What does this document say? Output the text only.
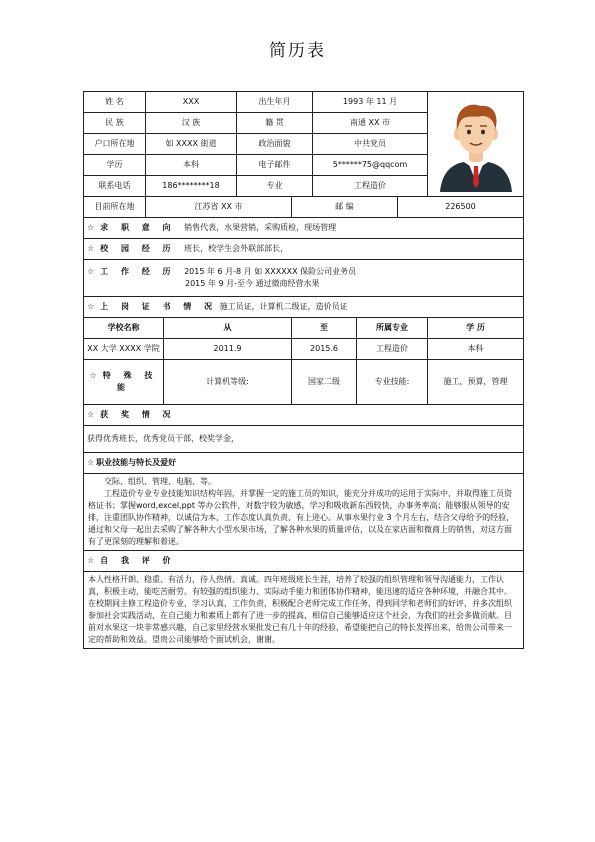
简历表
姓 名	XXX		出生年月		1993 年 11 月	
民 族	汉 族		籍 贯		南通 XX 市			
户口所在地	如 XXXX 街道		政治面貌		中共党员			
学历	本科		电子邮件		5******75@qqcom			
联系电话	186********18		专业		工程造价			
目前所在地	江苏省 XX 市			邮 编			226500	
☆ 求 职 意 向 销售代表，水果营销，采购质检，现场管理								
☆ 校 园 经 历 班长，校学生会外联部部长，								

☆ 工 作 经 历 2015 年 6 月-8 月 如 XXXXXX 保险公司业务员
2015 年 9 月-至今 通过微商经营水果								

☆ 上 岗 证 书 情 况 施工员证，计算机二级证，造价员证								
学校名称		从		至		所属专业		学 历
XX 大学 XXXX 学院		2011.9		2015.6		工程造价		本科
☆ 特 殊 技 能		计算机等级:		国家二级		专业技能:		施工，预算，管理
☆ 获 奖 情 况								
获得优秀班长，优秀党员干部，校奖学金，								
☆ 职业技能与特长及爱好								

交际、组织、管理、电脑、等。
工程造价专业专业技能知识结构年固，并掌握一定的施工员的知识，能充分并成功的运用于实际中，并取得施工员资格证书；掌握word,excel,ppt 等办公软件，对数字较为敏感，学习和吸收新东西较快，办事务率高；能够服从领导的安排，注重团队协作精神，以诚信为本，工作态度认真负责，有上进心。从事水果行业 3 个月左右，结合父母给予的经验，通过和父母一起出去采购了解各种大小型水果市场，了解各种水果的质量评估，以及在家店面和微商上的销售，对这方面有了更深刻的理解和着迷。								

☆ 自 我 评 价								
本人性格开朗、稳重、有活力，待人热情、真诚。四年班级班长生涯，培养了较强的组织管理和领导沟通能力，工作认真，积极主动，能吃苦耐劳。有较强的组织能力、实际动手能力和团体协作精神，能迅速的适应各种环境，并融合其中。在校期间主修工程造价专业，学习认真，工作负责，积极配合老师完成工作任务，得到同学和老师们的好评，并多次组织参加社会实践活动，在自己能力和素质上都有了进一步的提高，相信自己能够适应这个社会，为我们的社会多做贡献。目前对水果这一块非常感兴趣，自己家里经营水果批发已有几十年的经验，希望能把自己的特长发挥出来，给贵公司带来一定的帮助和效益。望贵公司能够给个面试机会，谢谢。								
